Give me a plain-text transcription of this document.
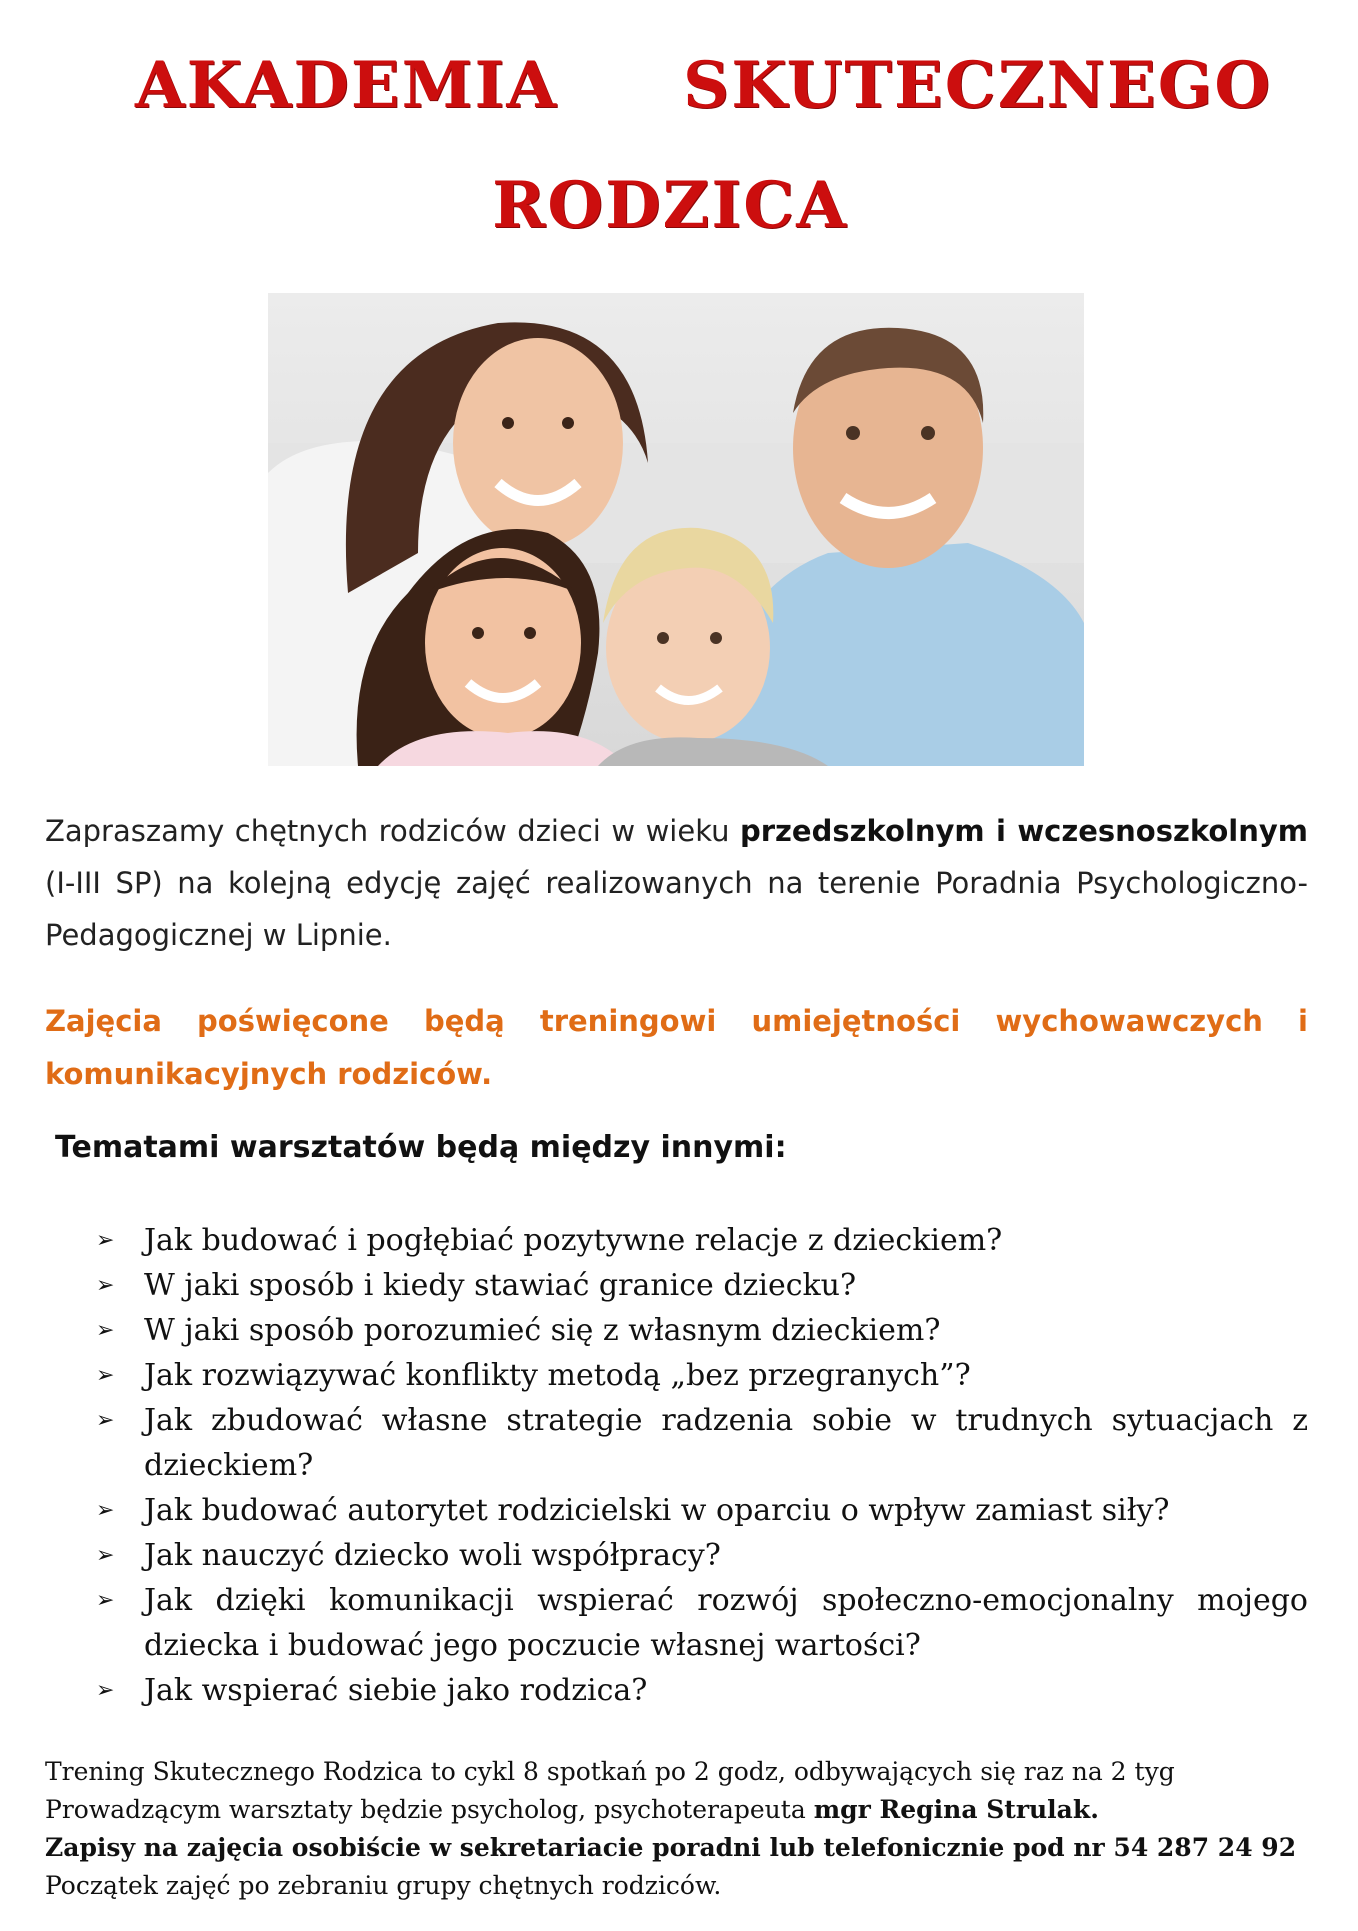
AKADEMIA SKUTECZNEGO
RODZICA
Zapraszamy chętnych rodziców dzieci w wieku przedszkolnym i wczesnoszkolnym (I-III SP) na kolejną edycję zajęć realizowanych na terenie Poradnia Psychologiczno-Pedagogicznej w Lipnie.
Zajęcia poświęcone będą treningowi umiejętności wychowawczych i komunikacyjnych rodziców.
Tematami warsztatów będą między innymi:
➢ Jak budować i pogłębiać pozytywne relacje z dzieckiem?
➢ W jaki sposób i kiedy stawiać granice dziecku?
➢ W jaki sposób porozumieć się z własnym dzieckiem?
➢ Jak rozwiązywać konflikty metodą „bez przegranych”?
➢ Jak zbudować własne strategie radzenia sobie w trudnych sytuacjach z dzieckiem?
➢ Jak budować autorytet rodzicielski w oparciu o wpływ zamiast siły?
➢ Jak nauczyć dziecko woli współpracy?
➢ Jak dzięki komunikacji wspierać rozwój społeczno-emocjonalny mojego dziecka i budować jego poczucie własnej wartości?
➢ Jak wspierać siebie jako rodzica?
Trening Skutecznego Rodzica to cykl 8 spotkań po 2 godz, odbywających się raz na 2 tyg
Prowadzącym warsztaty będzie psycholog, psychoterapeuta mgr Regina Strulak.
Zapisy na zajęcia osobiście w sekretariacie poradni lub telefonicznie pod nr 54 287 24 92
Początek zajęć po zebraniu grupy chętnych rodziców.
